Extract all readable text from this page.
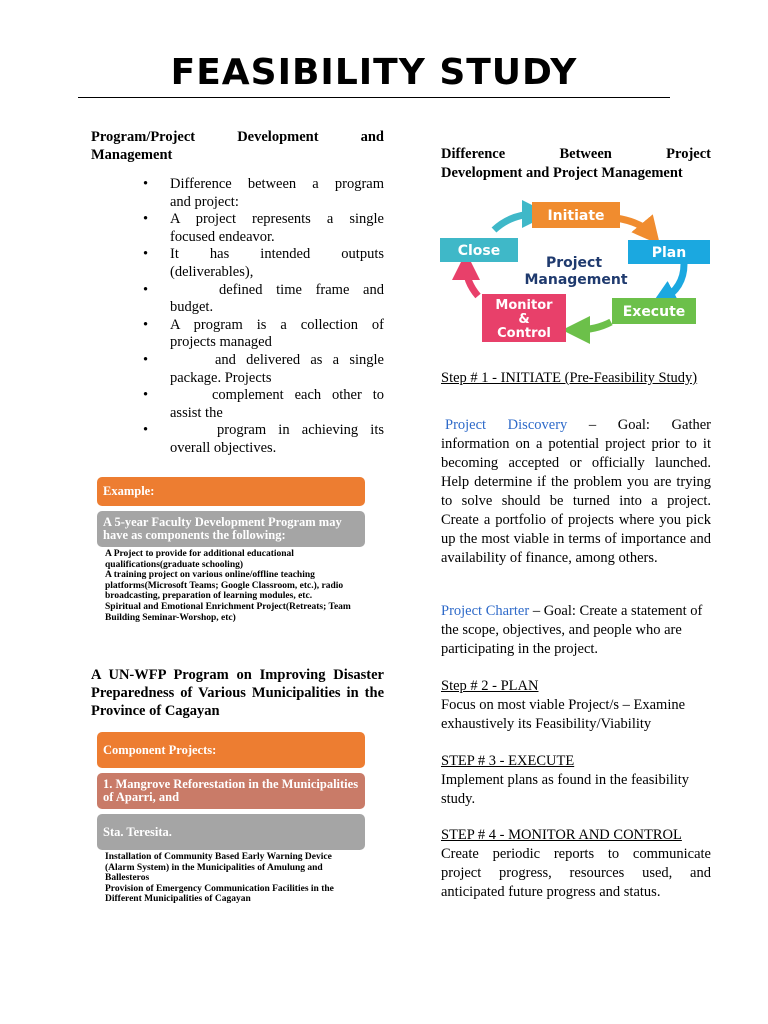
FEASIBILITY STUDY
Program/Project Development and
Management
• Difference between a program
and project:
• A project represents a single
focused endeavor.
• It has intended outputs
(deliverables),
• defined time frame and
budget.
• A program is a collection of
projects managed
• and delivered as a single
package. Projects
• complement each other to
assist the
• program in achieving its
overall objectives.
Example:
A 5-year Faculty Development Program may have as components the following:
A Project to provide for additional educational qualifications(graduate schooling)
A training project on various online/offline teaching platforms(Microsoft Teams; Google Classroom, etc.), radio broadcasting, preparation of learning modules, etc.
Spiritual and Emotional Enrichment Project(Retreats; Team Building Seminar-Worshop, etc)
A UN-WFP Program on Improving Disaster Preparedness of Various Municipalities in the Province of Cagayan
Component Projects:
1. Mangrove Reforestation in the Municipalities of Aparri, and
Sta. Teresita.
Installation of Community Based Early Warning Device (Alarm System) in the Municipalities of Amulung and Ballesteros
Provision of Emergency Communication Facilities in the Different Municipalities of Cagayan
Difference Between Project
Development and Project Management
Initiate
Plan
Execute
Monitor
&
Control
Close
Project
Management
Step # 1 - INITIATE (Pre-Feasibility Study)
Project Discovery – Goal: Gather information on a potential project prior to it becoming accepted or officially launched. Help determine if the problem you are trying to solve should be turned into a project. Create a portfolio of projects where you pick up the most viable in terms of importance and availability of finance, among others.
Project Charter – Goal: Create a statement of the scope, objectives, and people who are participating in the project.
Step # 2 - PLAN
Focus on most viable Project/s – Examine exhaustively its Feasibility/Viability
STEP # 3 - EXECUTE
Implement plans as found in the feasibility study.
STEP # 4 - MONITOR AND CONTROL
Create periodic reports to communicate project progress, resources used, and anticipated future progress and status.
